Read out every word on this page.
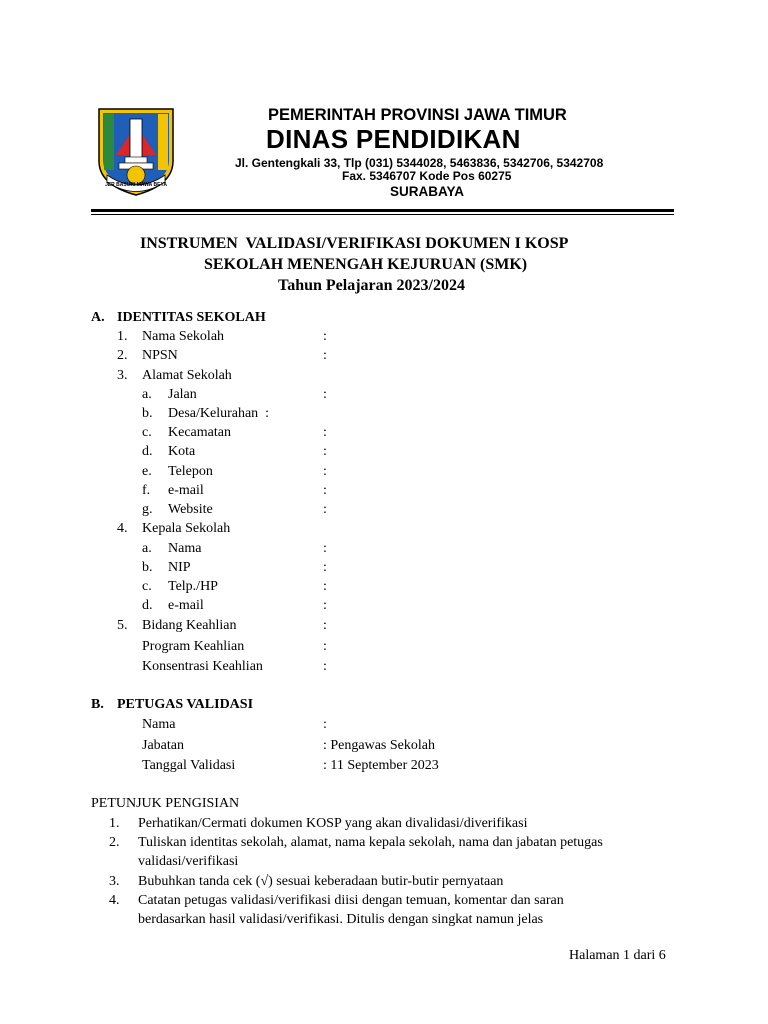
JER BASUKI MAWA BEYA
PEMERINTAH PROVINSI JAWA TIMUR
DINAS PENDIDIKAN
Jl. Gentengkali 33, Tlp (031) 5344028, 5463836, 5342706, 5342708
Fax. 5346707 Kode Pos 60275
SURABAYA
INSTRUMEN  VALIDASI/VERIFIKASI DOKUMEN I KOSP
SEKOLAH MENENGAH KEJURUAN (SMK)
Tahun Pelajaran 2023/2024
A. IDENTITAS SEKOLAH
1. Nama Sekolah	:
2. NPSN	:
3. Alamat Sekolah
a. Jalan	:
b. Desa/Kelurahan  :
c. Kecamatan	:
d. Kota	:
e. Telepon	:
f. e-mail	:
g. Website	:
4. Kepala Sekolah
a. Nama	:
b. NIP	:
c. Telp./HP	:
d. e-mail	:
5. Bidang Keahlian	:
Program Keahlian	:
Konsentrasi Keahlian	:
B. PETUGAS VALIDASI
Nama	:
Jabatan	: Pengawas Sekolah
Tanggal Validasi	: 11 September 2023
PETUNJUK PENGISIAN
1. Perhatikan/Cermati dokumen KOSP yang akan divalidasi/diverifikasi
2. Tuliskan identitas sekolah, alamat, nama kepala sekolah, nama dan jabatan petugas
validasi/verifikasi
3. Bubuhkan tanda cek (√) sesuai keberadaan butir-butir pernyataan
4. Catatan petugas validasi/verifikasi diisi dengan temuan, komentar dan saran
berdasarkan hasil validasi/verifikasi. Ditulis dengan singkat namun jelas
Halaman 1 dari 6
